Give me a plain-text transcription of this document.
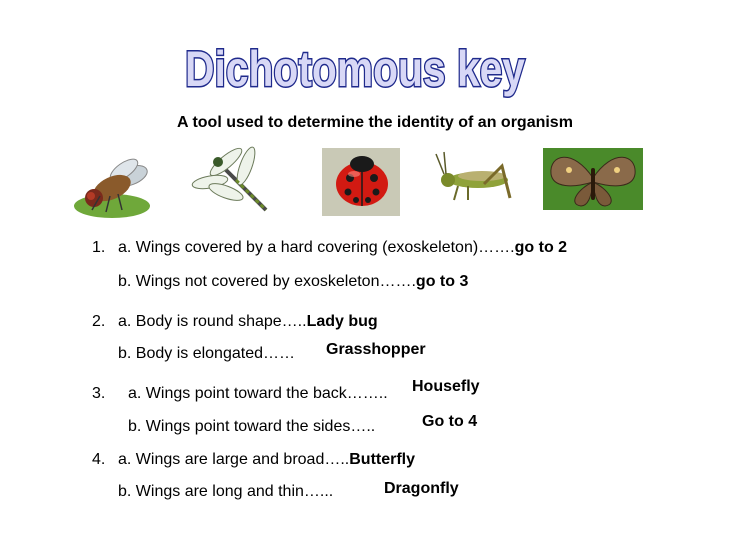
Dichotomous key
A tool used to determine the identity of an organism
1. a. Wings covered by a hard covering (exoskeleton)…….go to 2
b. Wings not covered by exoskeleton…….go to 3
2. a. Body is round shape…..Lady bug
b. Body is elongated…… Grasshopper
3. a. Wings point toward the back…….. Housefly
b. Wings point toward the sides…..	Go to 4
4. a. Wings are large and broad…..Butterfly
b. Wings are long and thin…...	Dragonfly
